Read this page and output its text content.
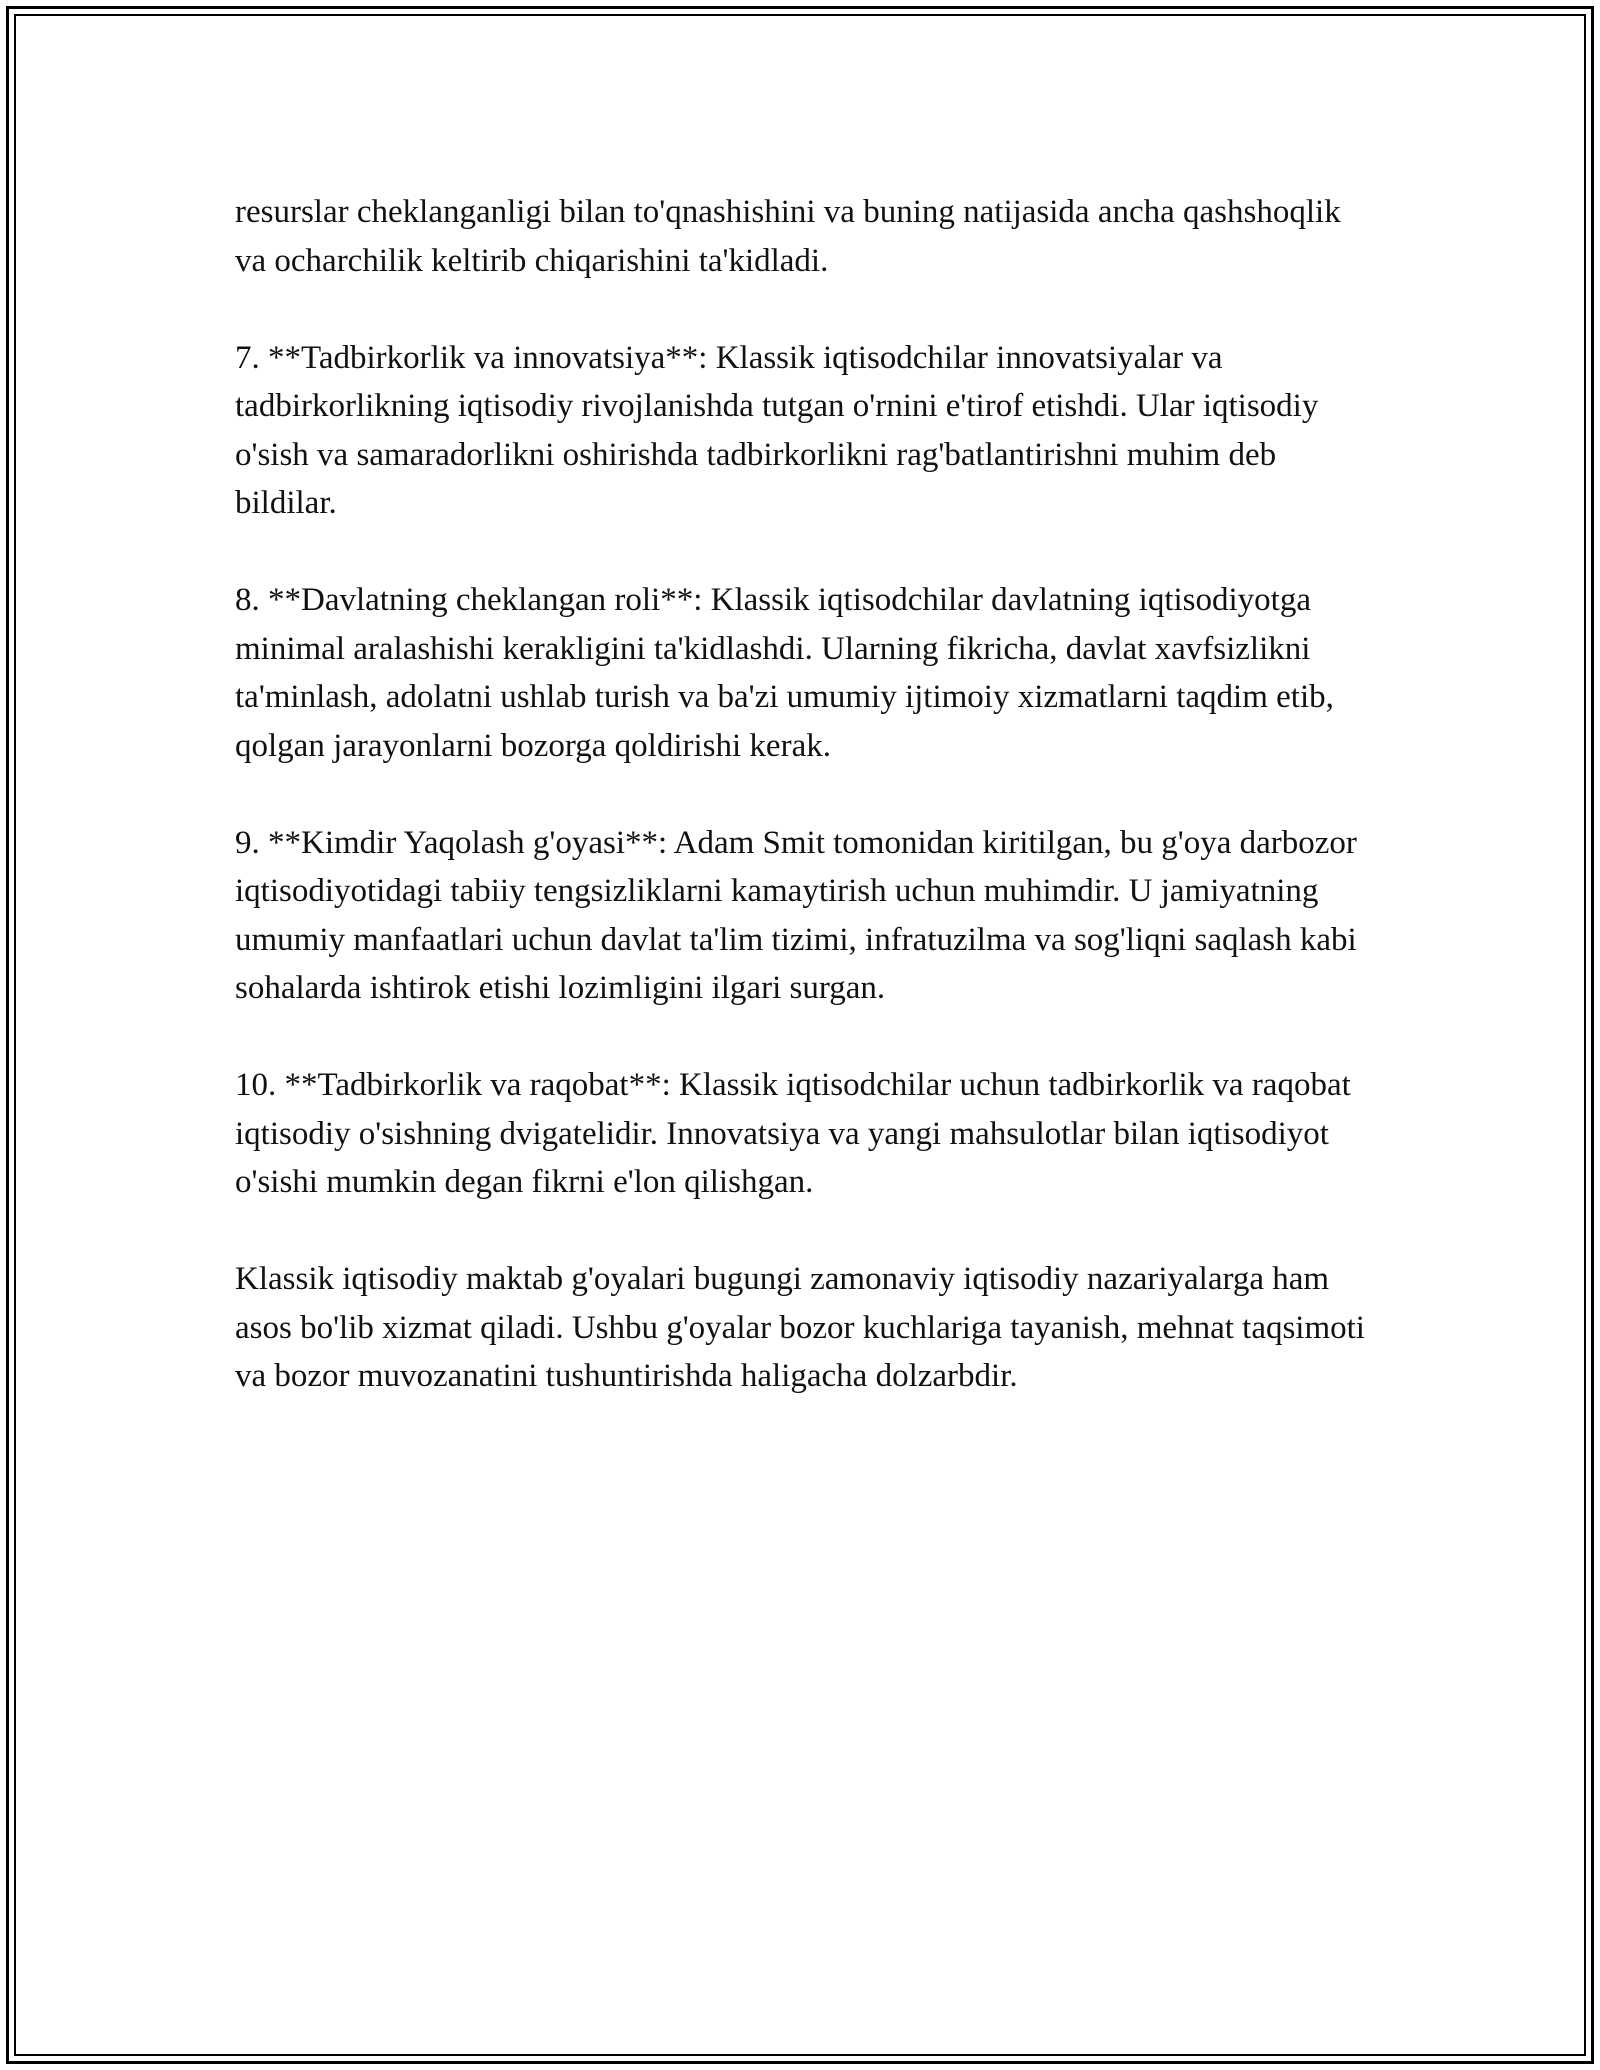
resurslar cheklanganligi bilan to'qnashishini va buning natijasida ancha qashshoqlik va ocharchilik keltirib chiqarishini ta'kidladi.

7. **Tadbirkorlik va innovatsiya**: Klassik iqtisodchilar innovatsiyalar va tadbirkorlikning iqtisodiy rivojlanishda tutgan o'rnini e'tirof etishdi. Ular iqtisodiy o'sish va samaradorlikni oshirishda tadbirkorlikni rag'batlantirishni muhim deb bildilar.

8. **Davlatning cheklangan roli**: Klassik iqtisodchilar davlatning iqtisodiyotga minimal aralashishi kerakligini ta'kidlashdi. Ularning fikricha, davlat xavfsizlikni ta'minlash, adolatni ushlab turish va ba'zi umumiy ijtimoiy xizmatlarni taqdim etib, qolgan jarayonlarni bozorga qoldirishi kerak.

9. **Kimdir Yaqolash g'oyasi**: Adam Smit tomonidan kiritilgan, bu g'oya darbozor iqtisodiyotidagi tabiiy tengsizliklarni kamaytirish uchun muhimdir. U jamiyatning umumiy manfaatlari uchun davlat ta'lim tizimi, infratuzilma va sog'liqni saqlash kabi sohalarda ishtirok etishi lozimligini ilgari surgan.

10. **Tadbirkorlik va raqobat**: Klassik iqtisodchilar uchun tadbirkorlik va raqobat iqtisodiy o'sishning dvigatelidir. Innovatsiya va yangi mahsulotlar bilan iqtisodiyot o'sishi mumkin degan fikrni e'lon qilishgan.

Klassik iqtisodiy maktab g'oyalari bugungi zamonaviy iqtisodiy nazariyalarga ham asos bo'lib xizmat qiladi. Ushbu g'oyalar bozor kuchlariga tayanish, mehnat taqsimoti va bozor muvozanatini tushuntirishda haligacha dolzarbdir.
